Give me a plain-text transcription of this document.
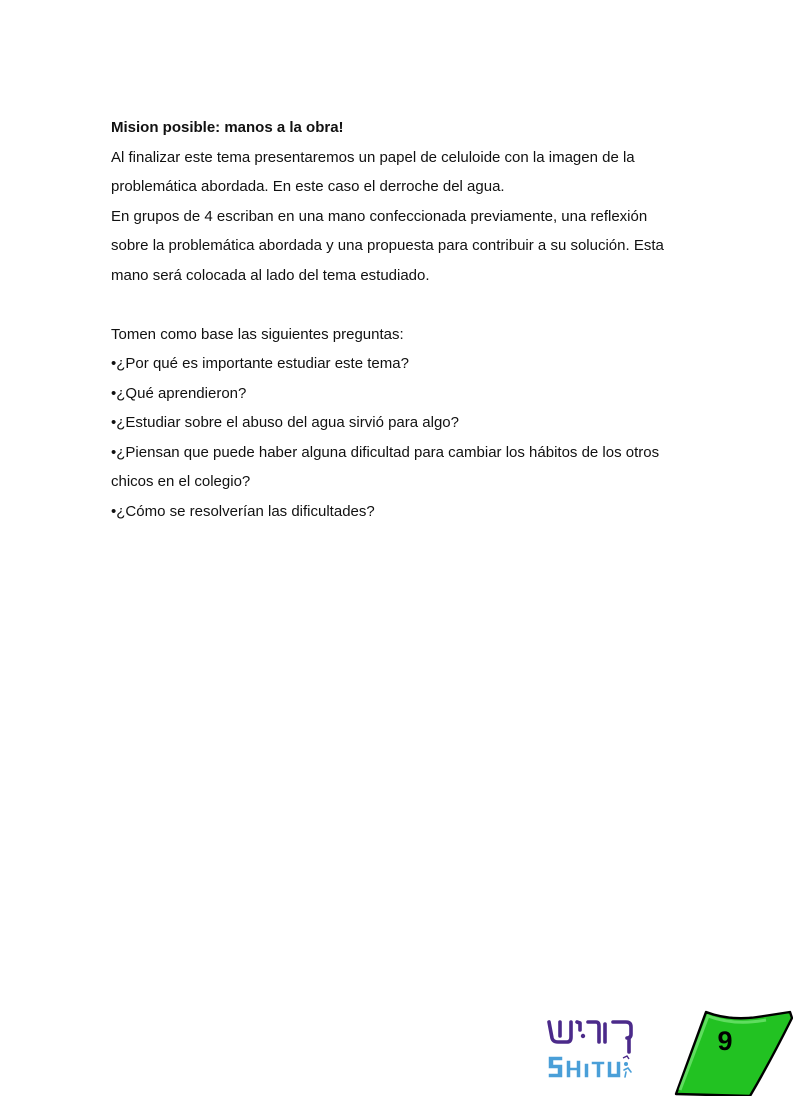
Mision posible: manos a la obra!

Al finalizar este tema presentaremos un papel de celuloide con la imagen de la

problemática abordada. En este caso el derroche del agua.

En grupos de 4 escriban en una mano confeccionada previamente, una reflexión

sobre la problemática abordada y una propuesta para contribuir a su solución. Esta

mano será colocada al lado del tema estudiado.

Tomen como base las siguientes preguntas:
•¿Por qué es importante estudiar este tema?
•¿Qué aprendieron?
•¿Estudiar sobre el abuso del agua sirvió para algo?
•¿Piensan que puede haber alguna dificultad para cambiar los hábitos de los otros
chicos en el colegio?
•¿Cómo se resolverían las dificultades?
9
